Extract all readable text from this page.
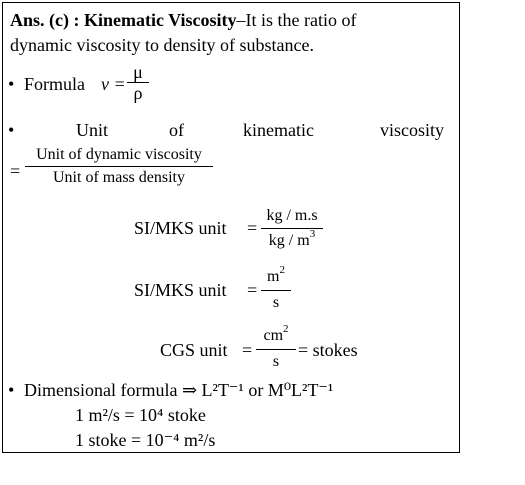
Ans. (c) : Kinematic Viscosity–It is the ratio of
dynamic viscosity to density of substance.
• Formula v =
μ
ρ
•	Unit	of	kinematic	viscosity
=
Unit of dynamic viscosity
Unit of mass density
SI/MKS unit =
kg / m.s
kg / $m^3$
SI/MKS unit =
$m^2$
s
CGS unit =
$cm^2$
s
= stokes
• Dimensional formula ⇒ L²T⁻¹ or M⁰L²T⁻¹
1 m²/s = 10⁴ stoke
1 stoke = 10⁻⁴ m²/s
